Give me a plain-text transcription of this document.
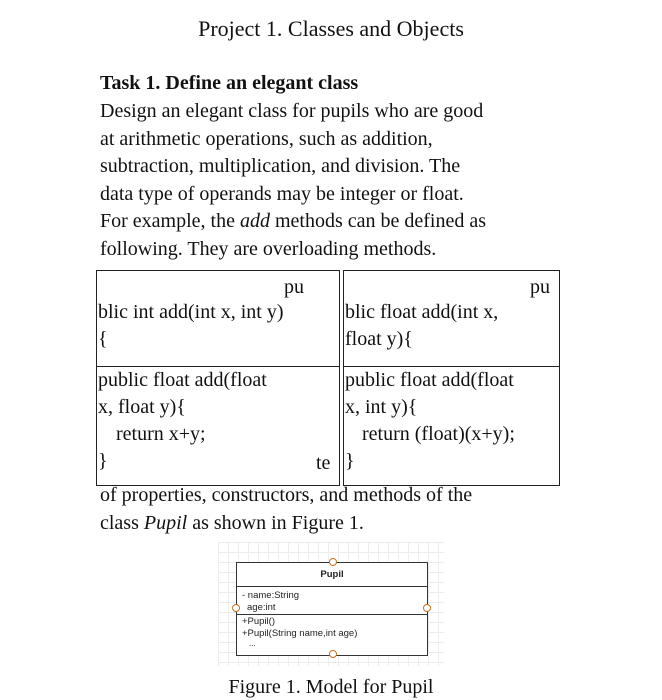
Project 1. Classes and Objects
Task 1. Define an elegant class
Design an elegant class for pupils who are good
at arithmetic operations, such as addition,
subtraction, multiplication, and division. The
data type of operands may be integer or float.
For example, the add methods can be defined as
following. They are overloading methods.
pu
blic int add(int x, int y)
{
pu
blic float add(int x,
float y){
public float add(float
x, float y){
return x+y;
}
public float add(float
x, int y){
return (float)(x+y);
}
te
of properties, constructors, and methods of the
class Pupil as shown in Figure 1.
Pupil
- name:String
age:int
+Pupil()
+Pupil(String name,int age)
...
Figure 1. Model for Pupil
